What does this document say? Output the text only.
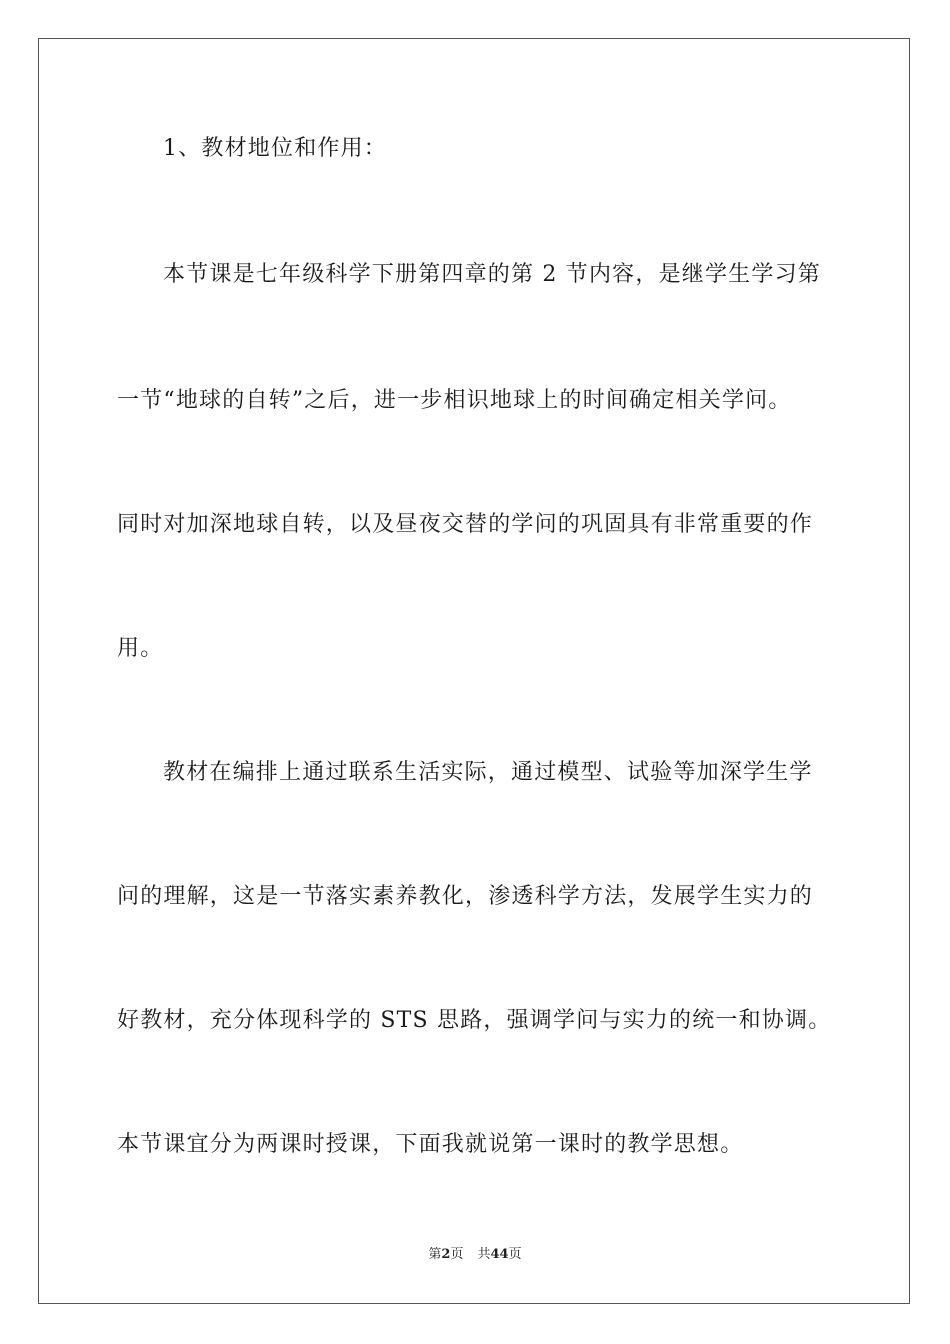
1、教材地位和作用：
本节课是七年级科学下册第四章的第 2 节内容，是继学生学习第
一节“地球的自转”之后，进一步相识地球上的时间确定相关学问。
同时对加深地球自转，以及昼夜交替的学问的巩固具有非常重要的作
用。
教材在编排上通过联系生活实际，通过模型、试验等加深学生学
问的理解，这是一节落实素养教化，渗透科学方法，发展学生实力的
好教材，充分体现科学的 STS 思路，强调学问与实力的统一和协调。
本节课宜分为两课时授课，下面我就说第一课时的教学思想。
第2页 共44页
